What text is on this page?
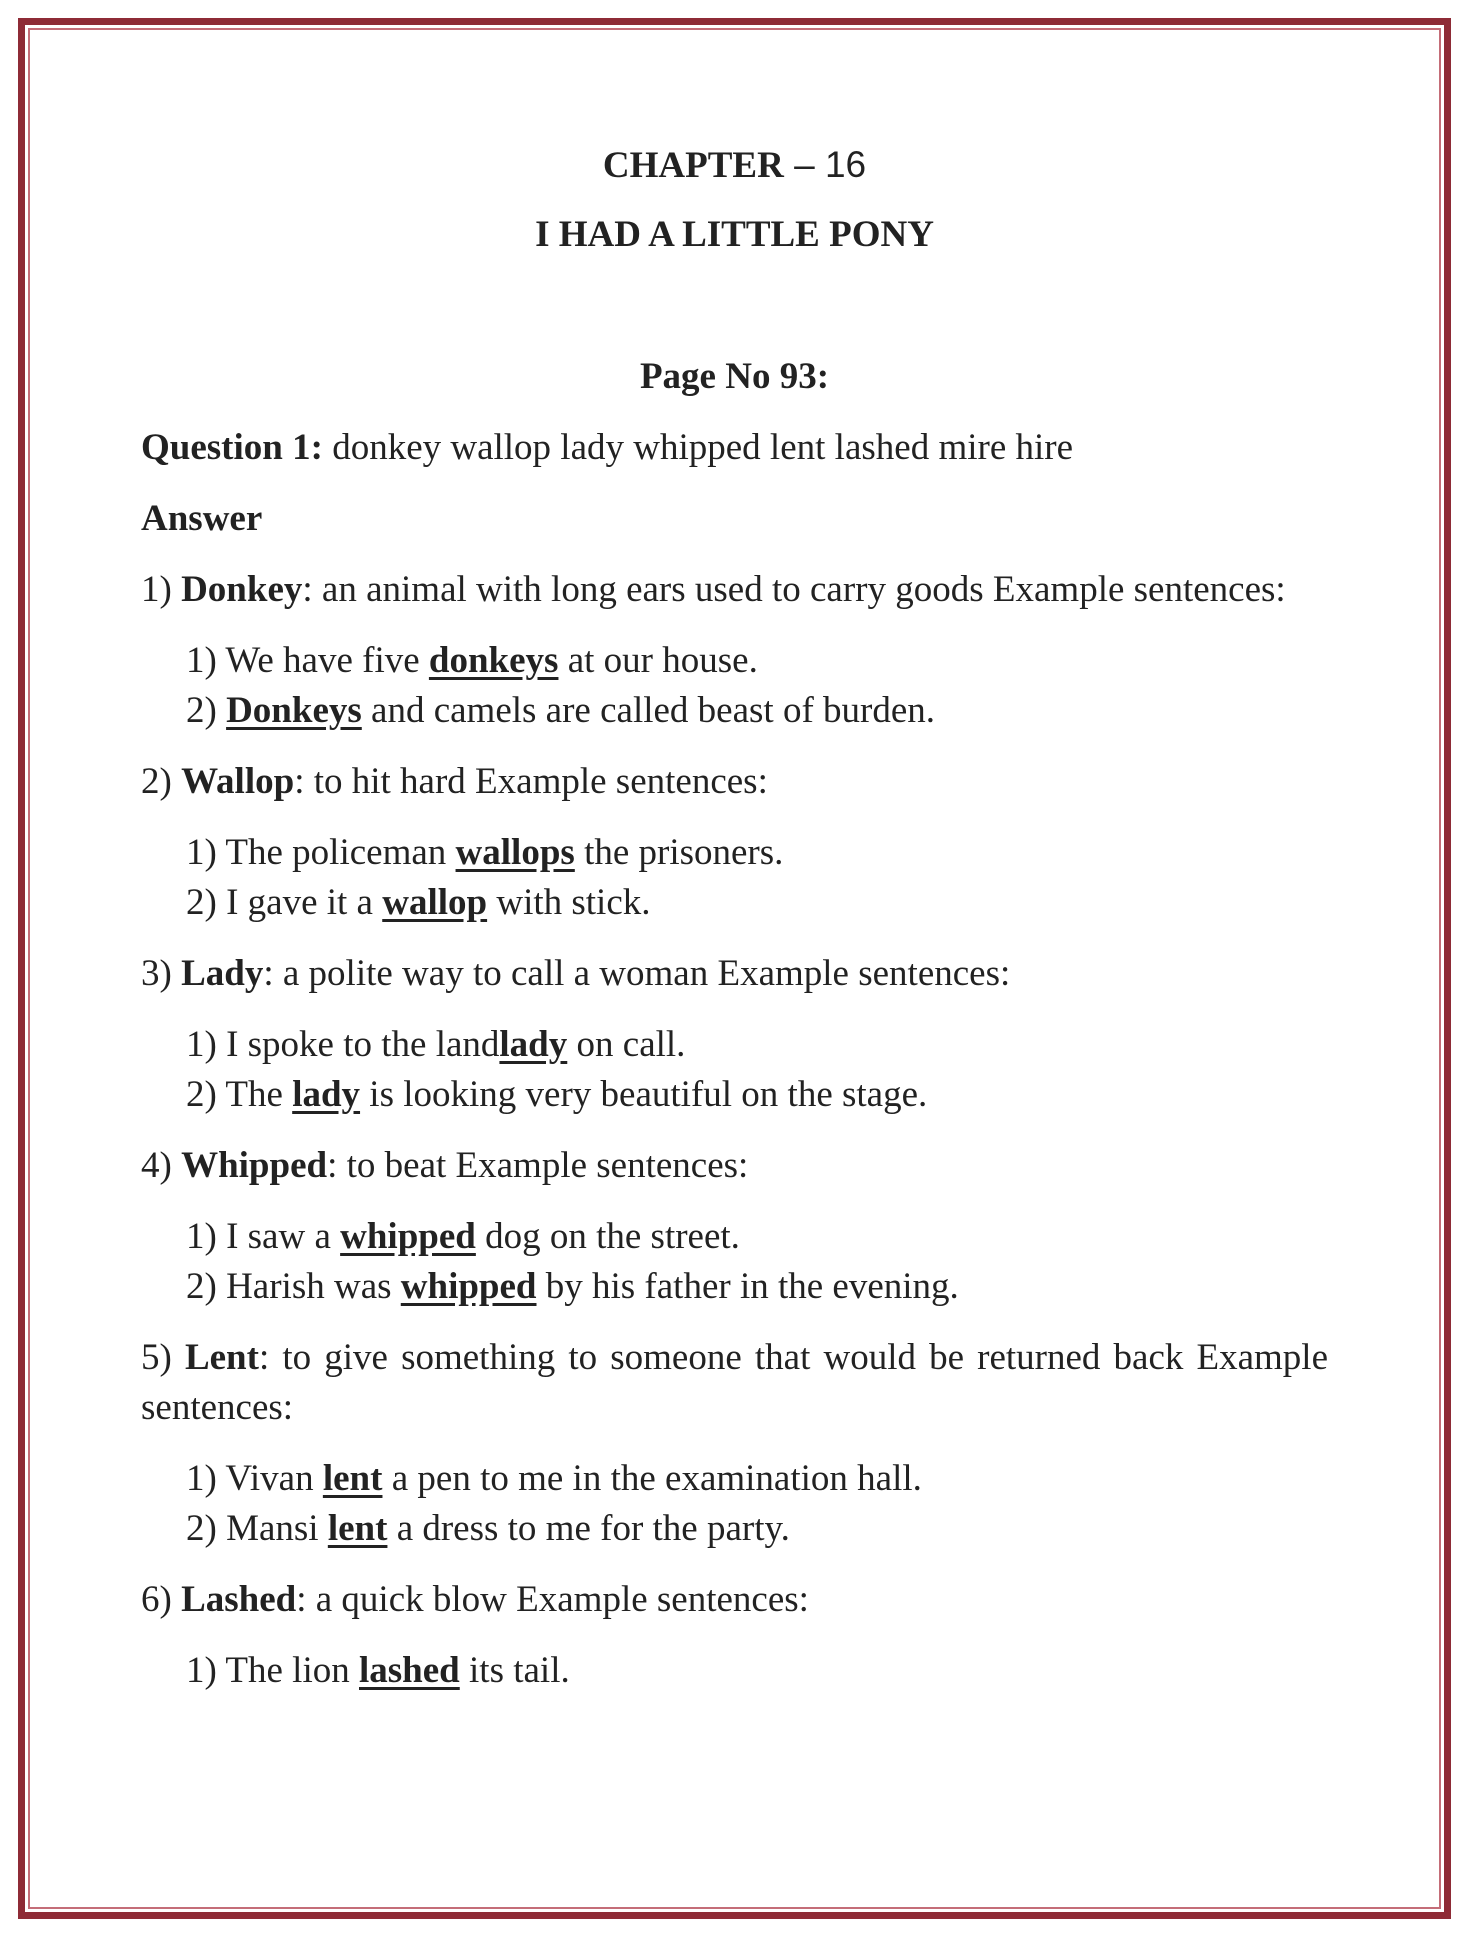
CHAPTER – 16
I HAD A LITTLE PONY
Page No 93:

Question 1: donkey wallop lady whipped lent lashed mire hire

Answer

1) Donkey: an animal with long ears used to carry goods Example sentences:

1) We have five donkeys at our house.
2) Donkeys and camels are called beast of burden.

2) Wallop: to hit hard Example sentences:

1) The policeman wallops the prisoners.
2) I gave it a wallop with stick.

3) Lady: a polite way to call a woman Example sentences:

1) I spoke to the landlady on call.
2) The lady is looking very beautiful on the stage.

4) Whipped: to beat Example sentences:

1) I saw a whipped dog on the street.
2) Harish was whipped by his father in the evening.

5) Lent: to give something to someone that would be returned back Example sentences:

1) Vivan lent a pen to me in the examination hall.
2) Mansi lent a dress to me for the party.

6) Lashed: a quick blow Example sentences:

1) The lion lashed its tail.
